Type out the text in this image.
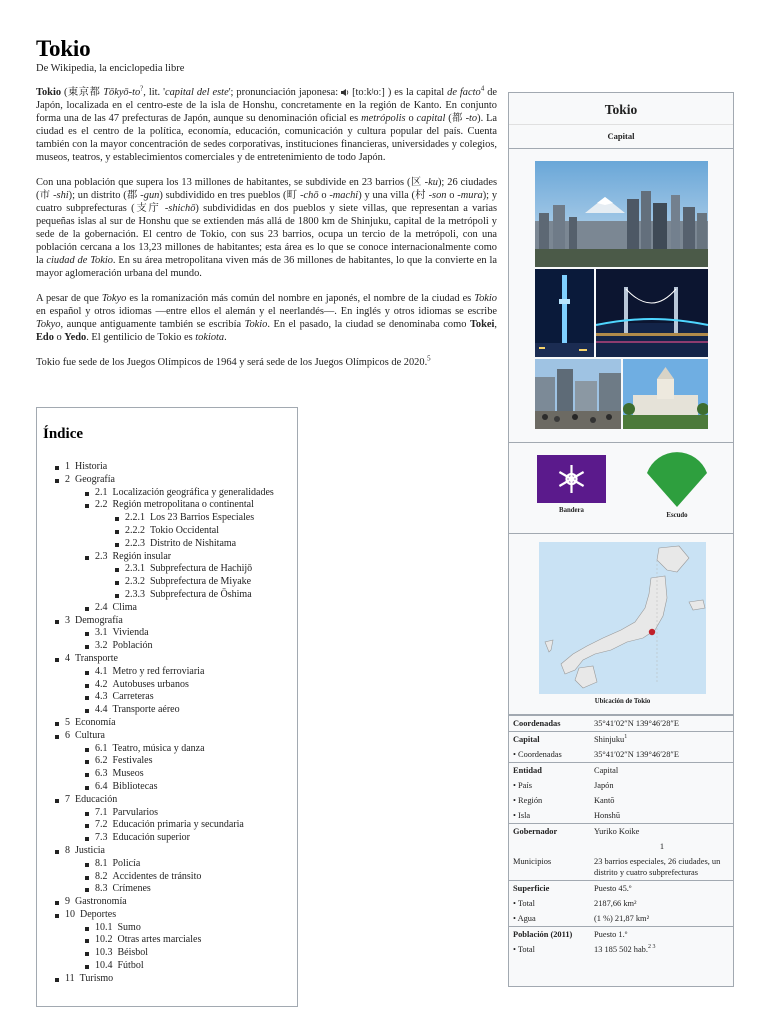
Tokio
De Wikipedia, la enciclopedia libre

Tokio (東京都 Tōkyō-to?, lit. 'capital del este'; pronunciación japonesa:  [toːkʲoː] ) es la capital de facto$^4$ de Japón, localizada en el centro-este de la isla de Honshu, concretamente en la región de Kanto. En conjunto forma una de las 47 prefecturas de Japón, aunque su denominación oficial es metrópolis o capital (都 -to). La ciudad es el centro de la política, economía, educación, comunicación y cultura popular del país. Cuenta también con la mayor concentración de sedes corporativas, instituciones financieras, universidades y colegios, museos, teatros, y establecimientos comerciales y de entretenimiento de todo Japón.

Con una población que supera los 13 millones de habitantes, se subdivide en 23 barrios (区 -ku); 26 ciudades (市 -shi); un distrito (郡 -gun) subdividido en tres pueblos (町 -chō o -machi) y una villa (村 -son o -mura); y cuatro subprefecturas (支庁 -shichō) subdivididas en dos pueblos y siete villas, que representan a varias pequeñas islas al sur de Honshu que se extienden más allá de 1800 km de Shinjuku, capital de la metrópoli y sede de la gobernación. El centro de Tokio, con sus 23 barrios, ocupa un tercio de la metrópoli, con una población cercana a los 13,23 millones de habitantes; esta área es lo que se conoce internacionalmente como la ciudad de Tokio. En su área metropolitana viven más de 36 millones de habitantes, lo que la convierte en la mayor aglomeración urbana del mundo.

A pesar de que Tokyo es la romanización más común del nombre en japonés, el nombre de la ciudad es Tokio en español y otros idiomas —entre ellos el alemán y el neerlandés—. En inglés y otros idiomas se escribe Tokyo, aunque antiguamente también se escribía Tokio. En el pasado, la ciudad se denominaba como Tokei, Edo o Yedo. El gentilicio de Tokio es tokiota.

Tokio fue sede de los Juegos Olímpicos de 1964 y será sede de los Juegos Olímpicos de 2020.$^5$

Índice
1 Historia
2 Geografía
2.1 Localización geográfica y generalidades
2.2 Región metropolitana o continental
2.2.1 Los 23 Barrios Especiales
2.2.2 Tokio Occidental
2.2.3 Distrito de Nishitama
2.3 Región insular
2.3.1 Subprefectura de Hachijō
2.3.2 Subprefectura de Miyake
2.3.3 Subprefectura de Ōshima
2.4 Clima
3 Demografía
3.1 Vivienda
3.2 Población
4 Transporte
4.1 Metro y red ferroviaria
4.2 Autobuses urbanos
4.3 Carreteras
4.4 Transporte aéreo
5 Economía
6 Cultura
6.1 Teatro, música y danza
6.2 Festivales
6.3 Museos
6.4 Bibliotecas
7 Educación
7.1 Parvularios
7.2 Educación primaria y secundaria
7.3 Educación superior
8 Justicia
8.1 Policía
8.2 Accidentes de tránsito
8.3 Crímenes
9 Gastronomía
10 Deportes
10.1 Sumo
10.2 Otras artes marciales
10.3 Béisbol
10.4 Fútbol
11 Turismo
Tokio
Capital
Bandera
Escudo
Ubicación de Tokio
Coordenadas	35°41′02″N 139°46′28″E
Capital	Shinjuku$^1$
• Coordenadas	35°41′02″N 139°46′28″E
Entidad	Capital
• País	Japón
• Región	Kantō
• Isla	Honshū
Gobernador	Yuriko Koike
	1
Municipios	23 barrios especiales, 26 ciudades, un distrito y cuatro subprefecturas
Superficie	Puesto 45.º
• Total	2187,66 km²
• Agua	(1 %) 21,87 km²
Población (2011)	Puesto 1.º
• Total	13 185 502 hab.$^{2 3}$
